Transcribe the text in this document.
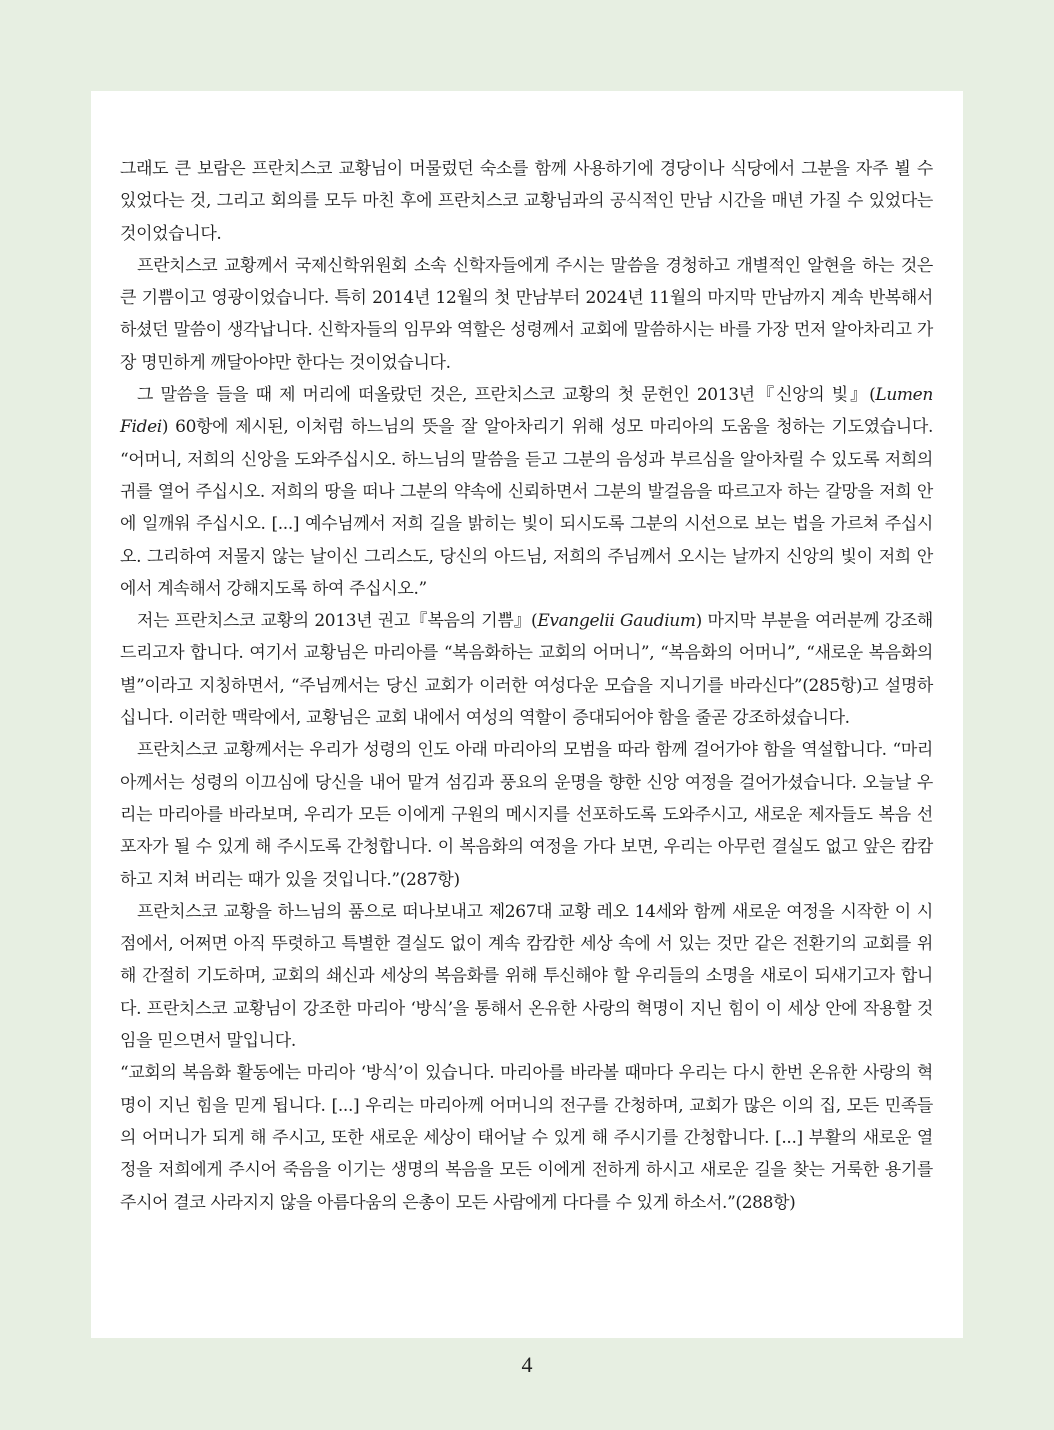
그래도 큰 보람은 프란치스코 교황님이 머물렀던 숙소를 함께 사용하기에 경당이나 식당에서 그분을 자주 뵐 수 있었다는 것, 그리고 회의를 모두 마친 후에 프란치스코 교황님과의 공식적인 만남 시간을 매년 가질 수 있었다는 것이었습니다.

프란치스코 교황께서 국제신학위원회 소속 신학자들에게 주시는 말씀을 경청하고 개별적인 알현을 하는 것은 큰 기쁨이고 영광이었습니다. 특히 2014년 12월의 첫 만남부터 2024년 11월의 마지막 만남까지 계속 반복해서 하셨던 말씀이 생각납니다. 신학자들의 임무와 역할은 성령께서 교회에 말씀하시는 바를 가장 먼저 알아차리고 가장 명민하게 깨달아야만 한다는 것이었습니다.

그 말씀을 들을 때 제 머리에 떠올랐던 것은, 프란치스코 교황의 첫 문헌인 2013년『신앙의 빛』(Lumen Fidei) 60항에 제시된, 이처럼 하느님의 뜻을 잘 알아차리기 위해 성모 마리아의 도움을 청하는 기도였습니다. “어머니, 저희의 신앙을 도와주십시오. 하느님의 말씀을 듣고 그분의 음성과 부르심을 알아차릴 수 있도록 저희의 귀를 열어 주십시오. 저희의 땅을 떠나 그분의 약속에 신뢰하면서 그분의 발걸음을 따르고자 하는 갈망을 저희 안에 일깨워 주십시오. [...] 예수님께서 저희 길을 밝히는 빛이 되시도록 그분의 시선으로 보는 법을 가르쳐 주십시오. 그리하여 저물지 않는 날이신 그리스도, 당신의 아드님, 저희의 주님께서 오시는 날까지 신앙의 빛이 저희 안에서 계속해서 강해지도록 하여 주십시오.”

저는 프란치스코 교황의 2013년 권고『복음의 기쁨』(Evangelii Gaudium) 마지막 부분을 여러분께 강조해 드리고자 합니다. 여기서 교황님은 마리아를 “복음화하는 교회의 어머니”, “복음화의 어머니”, “새로운 복음화의 별”이라고 지칭하면서, “주님께서는 당신 교회가 이러한 여성다운 모습을 지니기를 바라신다”(285항)고 설명하십니다. 이러한 맥락에서, 교황님은 교회 내에서 여성의 역할이 증대되어야 함을 줄곧 강조하셨습니다.

프란치스코 교황께서는 우리가 성령의 인도 아래 마리아의 모범을 따라 함께 걸어가야 함을 역설합니다. “마리아께서는 성령의 이끄심에 당신을 내어 맡겨 섬김과 풍요의 운명을 향한 신앙 여정을 걸어가셨습니다. 오늘날 우리는 마리아를 바라보며, 우리가 모든 이에게 구원의 메시지를 선포하도록 도와주시고, 새로운 제자들도 복음 선포자가 될 수 있게 해 주시도록 간청합니다. 이 복음화의 여정을 가다 보면, 우리는 아무런 결실도 없고 앞은 캄캄하고 지쳐 버리는 때가 있을 것입니다.”(287항)

프란치스코 교황을 하느님의 품으로 떠나보내고 제267대 교황 레오 14세와 함께 새로운 여정을 시작한 이 시점에서, 어쩌면 아직 뚜렷하고 특별한 결실도 없이 계속 캄캄한 세상 속에 서 있는 것만 같은 전환기의 교회를 위해 간절히 기도하며, 교회의 쇄신과 세상의 복음화를 위해 투신해야 할 우리들의 소명을 새로이 되새기고자 합니다. 프란치스코 교황님이 강조한 마리아 ‘방식’을 통해서 온유한 사랑의 혁명이 지닌 힘이 이 세상 안에 작용할 것임을 믿으면서 말입니다.

“교회의 복음화 활동에는 마리아 ‘방식’이 있습니다. 마리아를 바라볼 때마다 우리는 다시 한번 온유한 사랑의 혁명이 지닌 힘을 믿게 됩니다. [...] 우리는 마리아께 어머니의 전구를 간청하며, 교회가 많은 이의 집, 모든 민족들의 어머니가 되게 해 주시고, 또한 새로운 세상이 태어날 수 있게 해 주시기를 간청합니다. [...] 부활의 새로운 열정을 저희에게 주시어 죽음을 이기는 생명의 복음을 모든 이에게 전하게 하시고 새로운 길을 찾는 거룩한 용기를 주시어 결코 사라지지 않을 아름다움의 은총이 모든 사람에게 다다를 수 있게 하소서.”(288항)

4
